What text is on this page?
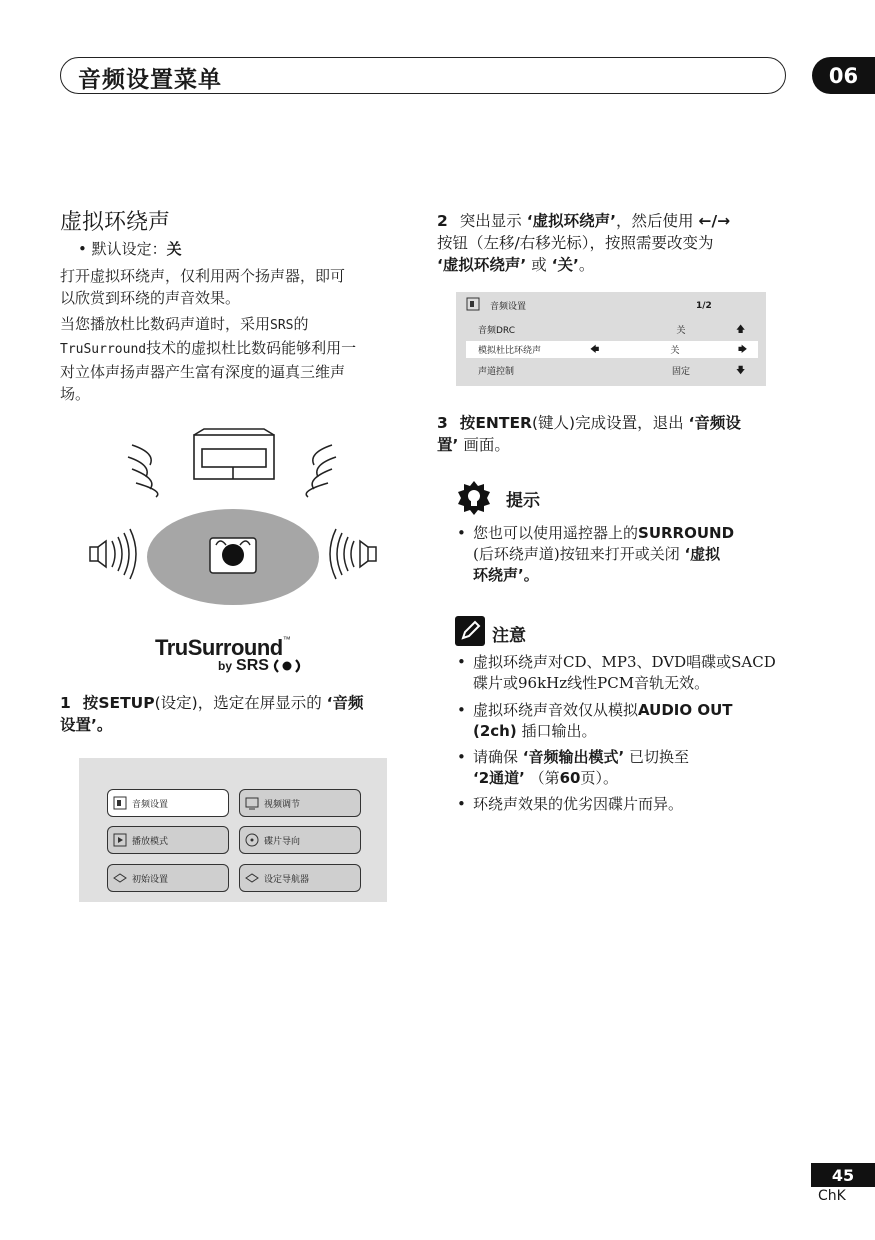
音频设置菜单	06
虚拟环绕声
• 默认设定：关
打开虚拟环绕声，仅利用两个扬声器，即可
以欣赏到环绕的声音效果。
当您播放杜比数码声道时，采用SRS的
TruSurround技术的虚拟杜比数码能够利用一
对立体声扬声器产生富有深度的逼真三维声
场。
TruSurround™
by SRS
1 按SETUP(设定)，选定在屏显示的 ‘音频
设置’。
音频设置	视频调节
播放模式	碟片导向
初始设置	设定导航器
2 突出显示 ‘虚拟环绕声’，然后使用 ←/→
按钮（左移/右移光标），按照需要改变为
‘虚拟环绕声’ 或 ‘关’。
音频设置	1/2
音频DRC	关	🡅
模拟杜比环绕声	🡄	关	🡆
声道控制	固定	🡇
3 按ENTER(键人)完成设置，退出 ‘音频设
置’ 画面。
提示
• 您也可以使用遥控器上的SURROUND
(后环绕声道)按钮来打开或关闭 ‘虚拟
环绕声’。
注意
• 虚拟环绕声对CD、MP3、DVD唱碟或SACD
碟片或96kHz线性PCM音轨无效。
• 虚拟环绕声音效仅从模拟AUDIO OUT
(2ch) 插口输出。
• 请确保 ‘音频输出模式’ 已切换至
‘2通道’ （第60页）。
• 环绕声效果的优劣因碟片而异。
45
ChK
